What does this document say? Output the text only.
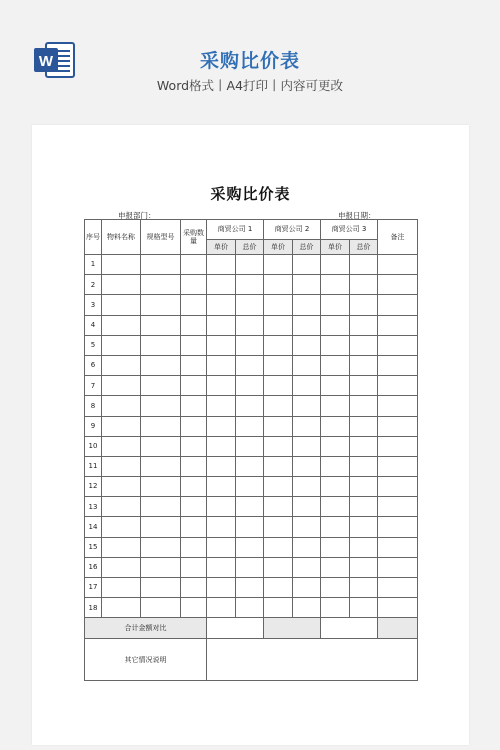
W	采购比价表
Word格式丨A4打印丨内容可更改
采购比价表
申报部门：	申报日期：
序号	物料名称	规格型号	采购数量	商贸公司 1		商贸公司 2		商贸公司 3		备注
				单价	总价	单价	总价	单价	总价	
1										
2										
3										
4										
5										
6										
7										
8										
9										
10										
11										
12										
13										
14										
15										
16										
17										
18										
合计金额对比										
其它情况说明										
